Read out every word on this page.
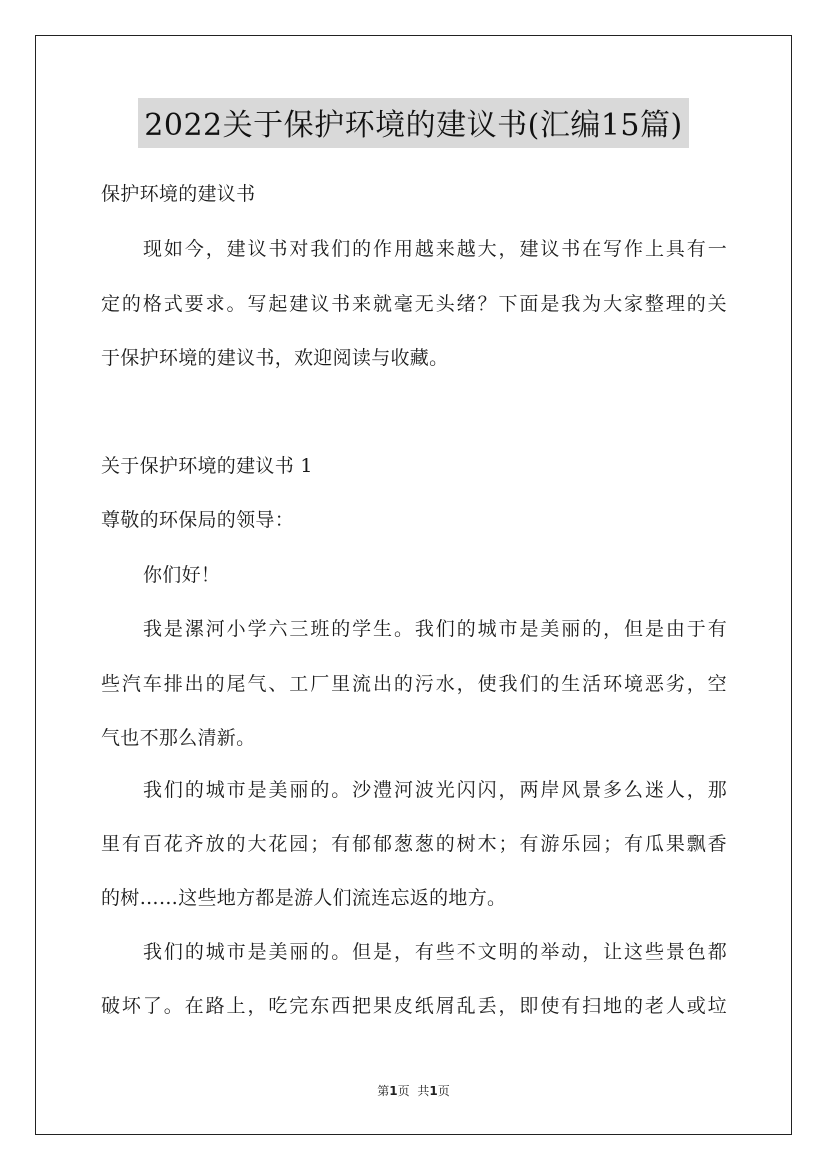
2022关于保护环境的建议书(汇编15篇)
保护环境的建议书
现如今，建议书对我们的作用越来越大，建议书在写作上具有一
定的格式要求。写起建议书来就毫无头绪？下面是我为大家整理的关
于保护环境的建议书，欢迎阅读与收藏。
关于保护环境的建议书 1
尊敬的环保局的领导：
你们好！
我是漯河小学六三班的学生。我们的城市是美丽的，但是由于有
些汽车排出的尾气、工厂里流出的污水，使我们的生活环境恶劣，空
气也不那么清新。
我们的城市是美丽的。沙澧河波光闪闪，两岸风景多么迷人，那
里有百花齐放的大花园；有郁郁葱葱的树木；有游乐园；有瓜果飘香
的树……这些地方都是游人们流连忘返的地方。
我们的城市是美丽的。但是，有些不文明的举动，让这些景色都
破坏了。在路上，吃完东西把果皮纸屑乱丢，即使有扫地的老人或垃
第1页 共1页
